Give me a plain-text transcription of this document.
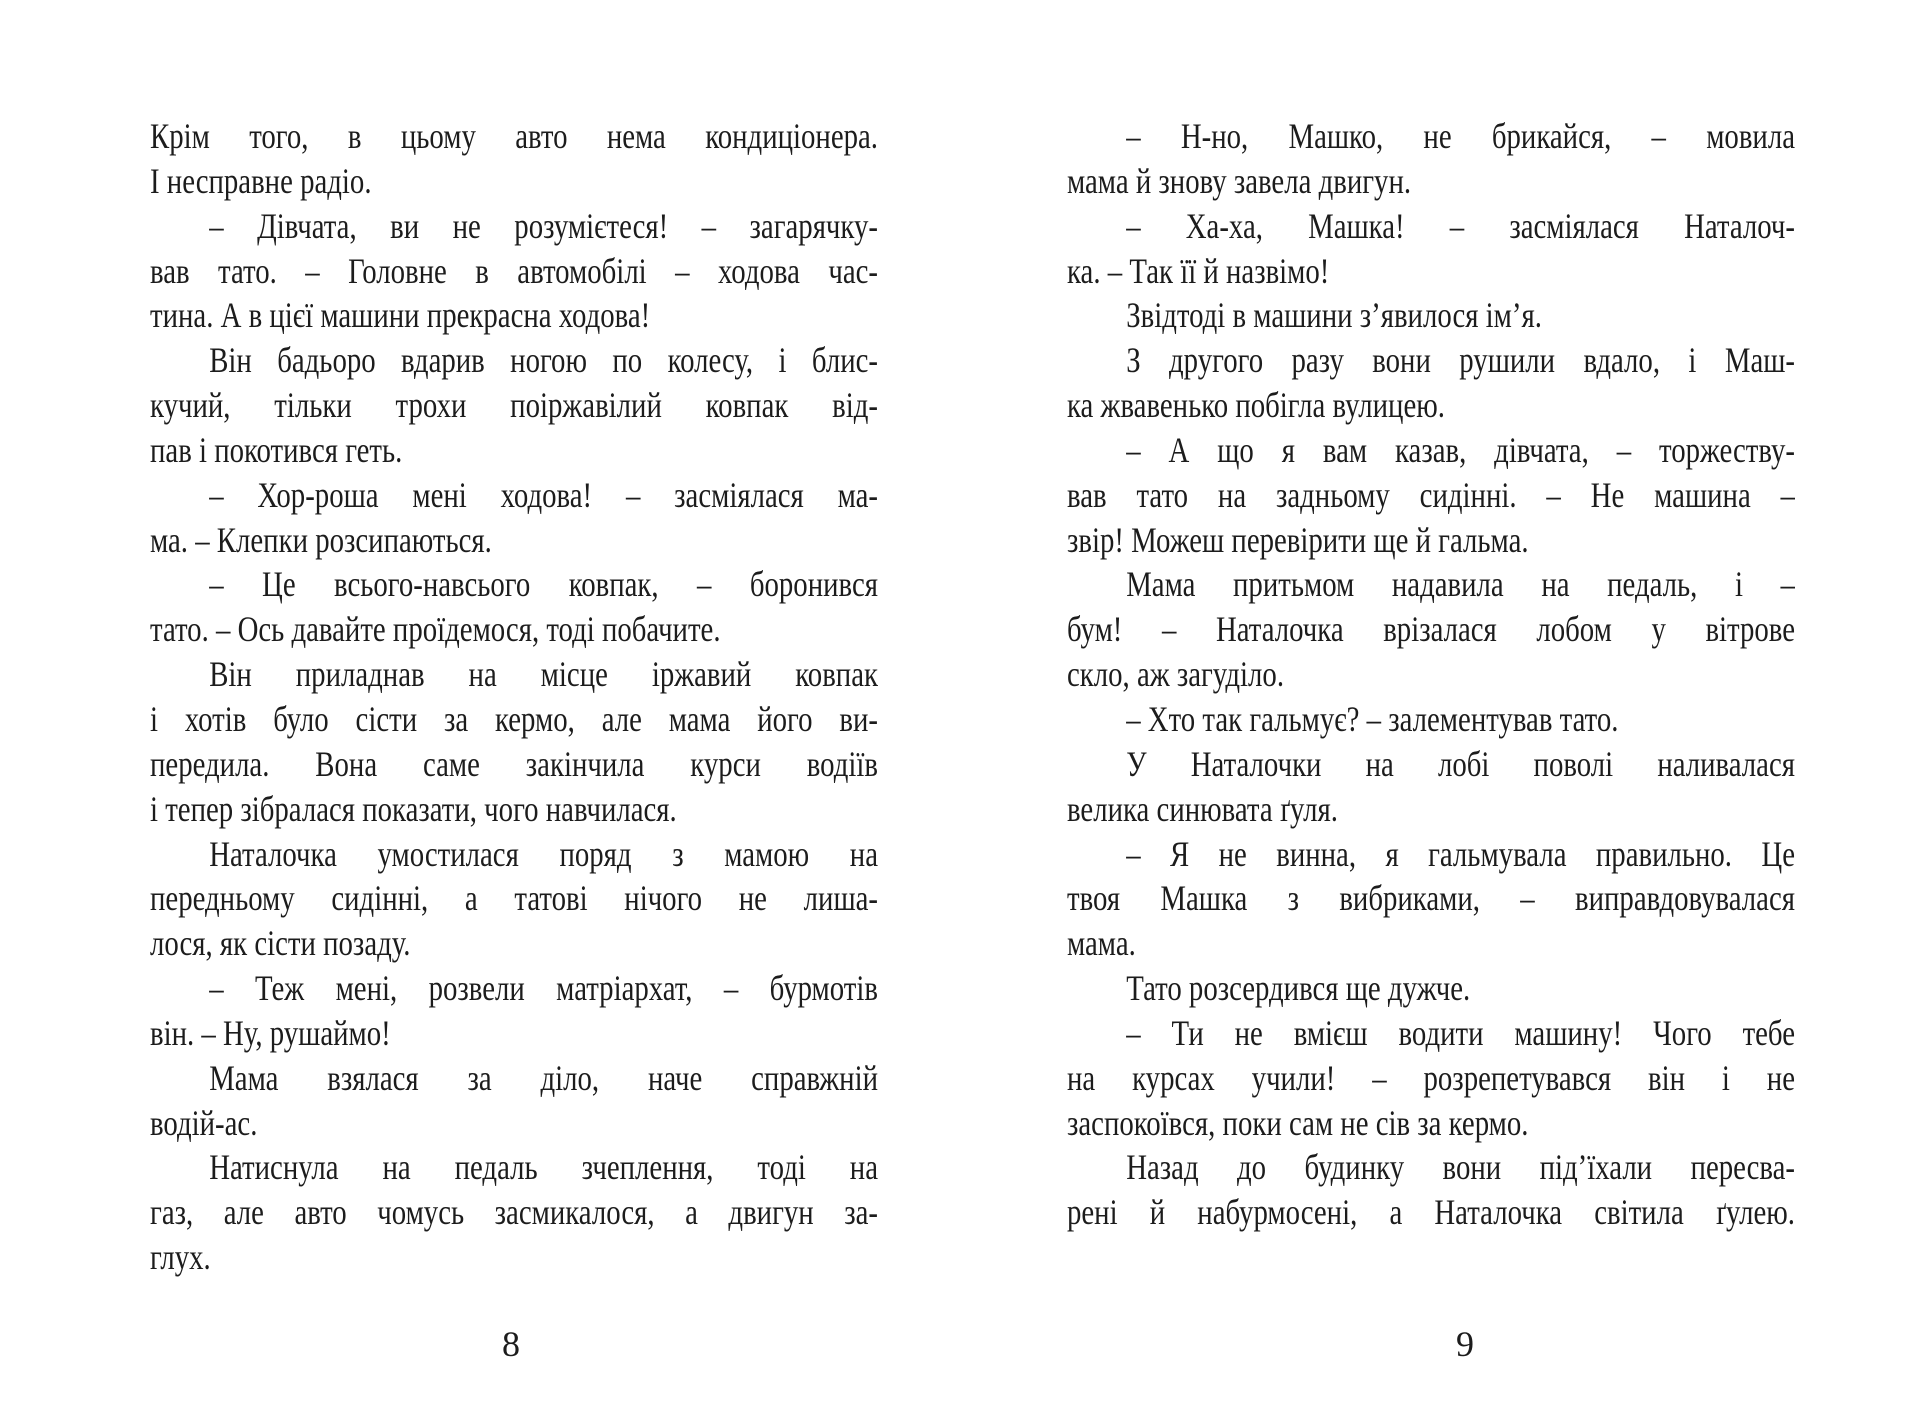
Крім того, в цьому авто нема кондиціонера.
І несправне радіо.
– Дівчата, ви не розумієтеся! – загарячку-
вав тато. – Головне в автомобілі – ходова час-
тина. А в цієї машини прекрасна ходова!
Він бадьоро вдарив ногою по колесу, і блис-
кучий, тільки трохи поіржавілий ковпак від-
пав і покотився геть.
– Хор-роша мені ходова! – засміялася ма-
ма. – Клепки розсипаються.
– Це всього-навсього ковпак, – боронився
тато. – Ось давайте проїдемося, тоді побачите.
Він приладнав на місце іржавий ковпак
і хотів було сісти за кермо, але мама його ви-
передила. Вона саме закінчила курси водіїв
і тепер зібралася показати, чого навчилася.
Наталочка умостилася поряд з мамою на
передньому сидінні, а татові нічого не лиша-
лося, як сісти позаду.
– Теж мені, розвели матріархат, – бурмотів
він. – Ну, рушаймо!
Мама взялася за діло, наче справжній
водій-ас.
Натиснула на педаль зчеплення, тоді на
газ, але авто чомусь засмикалося, а двигун за-
глух.
8
– Н-но, Машко, не брикайся, – мовила
мама й знову завела двигун.
– Ха-ха, Машка! – засміялася Наталоч-
ка. – Так її й назвімо!
Звідтоді в машини з’явилося ім’я.
З другого разу вони рушили вдало, і Маш-
ка жвавенько побігла вулицею.
– А що я вам казав, дівчата, – торжеству-
вав тато на задньому сидінні. – Не машина –
звір! Можеш перевірити ще й гальма.
Мама притьмом надавила на педаль, і –
бум! – Наталочка врізалася лобом у вітрове
скло, аж загуділо.
– Хто так гальмує? – залементував тато.
У Наталочки на лобі поволі наливалася
велика синювата ґуля.
– Я не винна, я гальмувала правильно. Це
твоя Машка з вибриками, – виправдовувалася
мама.
Тато розсердився ще дужче.
– Ти не вмієш водити машину! Чого тебе
на курсах учили! – розрепетувався він і не
заспокоївся, поки сам не сів за кермо.
Назад до будинку вони під’їхали пересва-
рені й набурмосені, а Наталочка світила ґулею.
9
